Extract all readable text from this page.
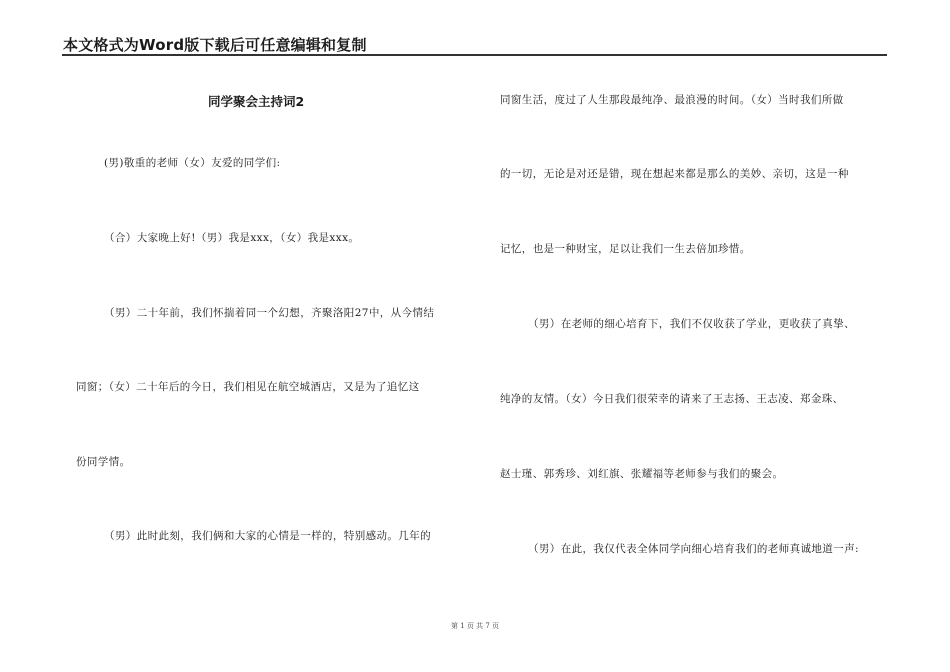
本文格式为Word版下载后可任意编辑和复制
同学聚会主持词2
(男)敬重的老师（女）友爱的同学们:
（合）大家晚上好!（男）我是xxx，（女）我是xxx。
（男）二十年前，我们怀揣着同一个幻想，齐聚洛阳27中，从今情结
同窗；（女）二十年后的今日，我们相见在航空城酒店，又是为了追忆这
份同学情。
（男）此时此刻，我们俩和大家的心情是一样的，特别感动。几年的
同窗生活，度过了人生那段最纯净、最浪漫的时间。（女）当时我们所做
的一切，无论是对还是错，现在想起来都是那么的美妙、亲切，这是一种
记忆，也是一种财宝，足以让我们一生去倍加珍惜。
（男）在老师的细心培育下，我们不仅收获了学业，更收获了真挚、
纯净的友情。（女）今日我们很荣幸的请来了王志扬、王志凌、郑金珠、
赵士瑾、郭秀珍、刘红旗、张耀福等老师参与我们的聚会。
（男）在此，我仅代表全体同学向细心培育我们的老师真诚地道一声:
第 1 页 共 7 页
